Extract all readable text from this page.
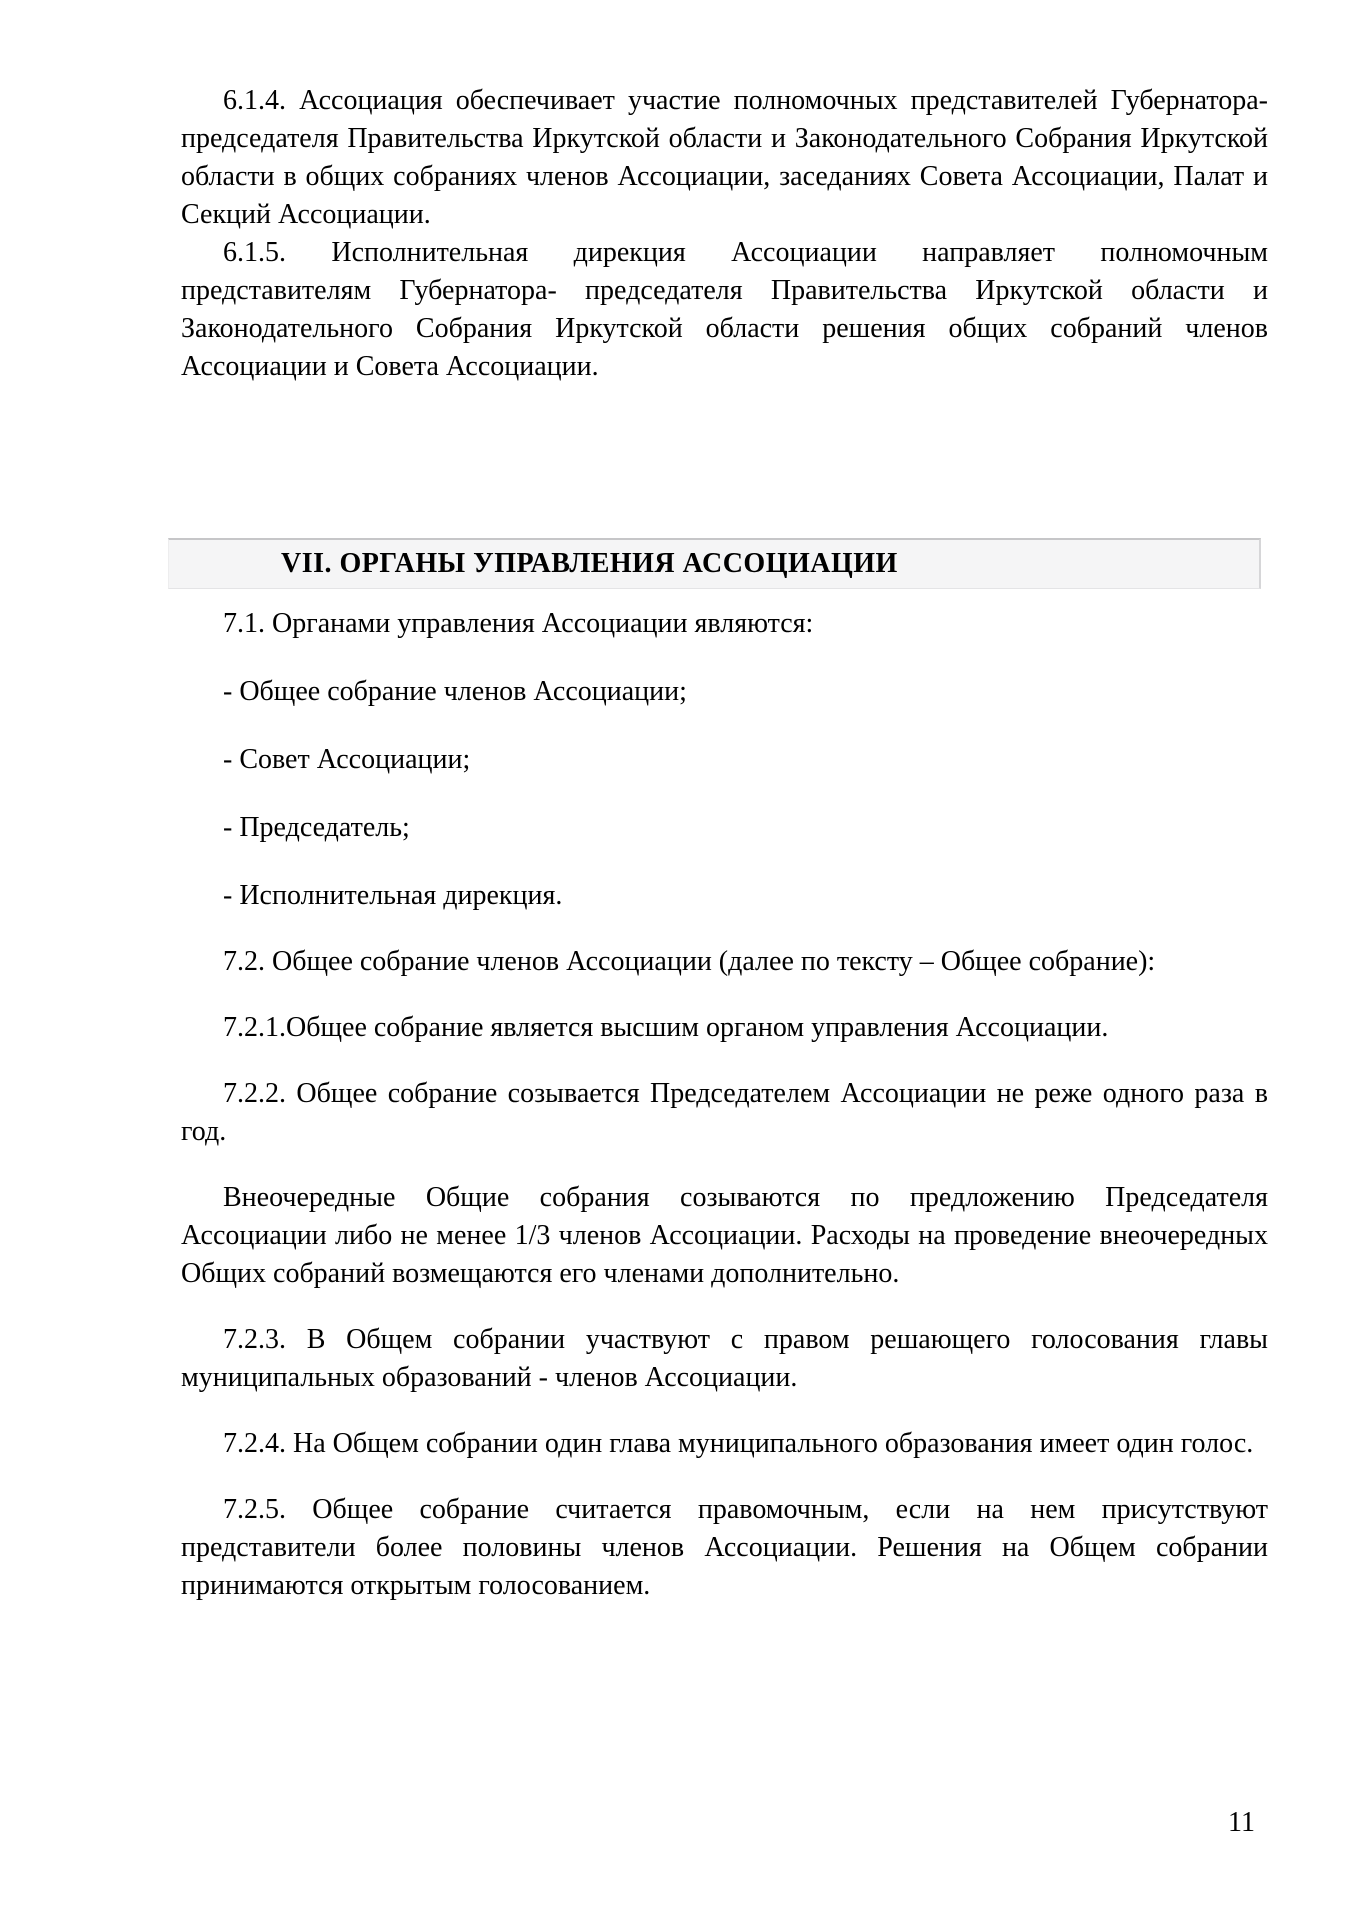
6.1.4. Ассоциация обеспечивает участие полномочных представителей Губернатора- председателя Правительства Иркутской области и Законодательного Собрания Иркутской области в общих собраниях членов Ассоциации, заседаниях Совета Ассоциации, Палат и Секций Ассоциации.

6.1.5. Исполнительная дирекция Ассоциации направляет полномочным представителям Губернатора- председателя Правительства Иркутской области и Законодательного Собрания Иркутской области решения общих собраний членов Ассоциации и Совета Ассоциации.

VII. ОРГАНЫ УПРАВЛЕНИЯ АССОЦИАЦИИ

7.1. Органами управления Ассоциации являются:

- Общее собрание членов Ассоциации;

- Совет Ассоциации;

- Председатель;

- Исполнительная дирекция.

7.2. Общее собрание членов Ассоциации (далее по тексту – Общее собрание):

7.2.1.Общее собрание является высшим органом управления Ассоциации.

7.2.2. Общее собрание созывается Председателем Ассоциации не реже одного раза в год.

Внеочередные Общие собрания созываются по предложению Председателя Ассоциации либо не менее 1/3 членов Ассоциации. Расходы на проведение внеочередных Общих собраний возмещаются его членами дополнительно.

7.2.3. В Общем собрании участвуют с правом решающего голосования главы муниципальных образований - членов Ассоциации.

7.2.4. На Общем собрании один глава муниципального образования имеет один голос.

7.2.5. Общее собрание считается правомочным, если на нем присутствуют представители более половины членов Ассоциации. Решения на Общем собрании принимаются открытым голосованием.

11
